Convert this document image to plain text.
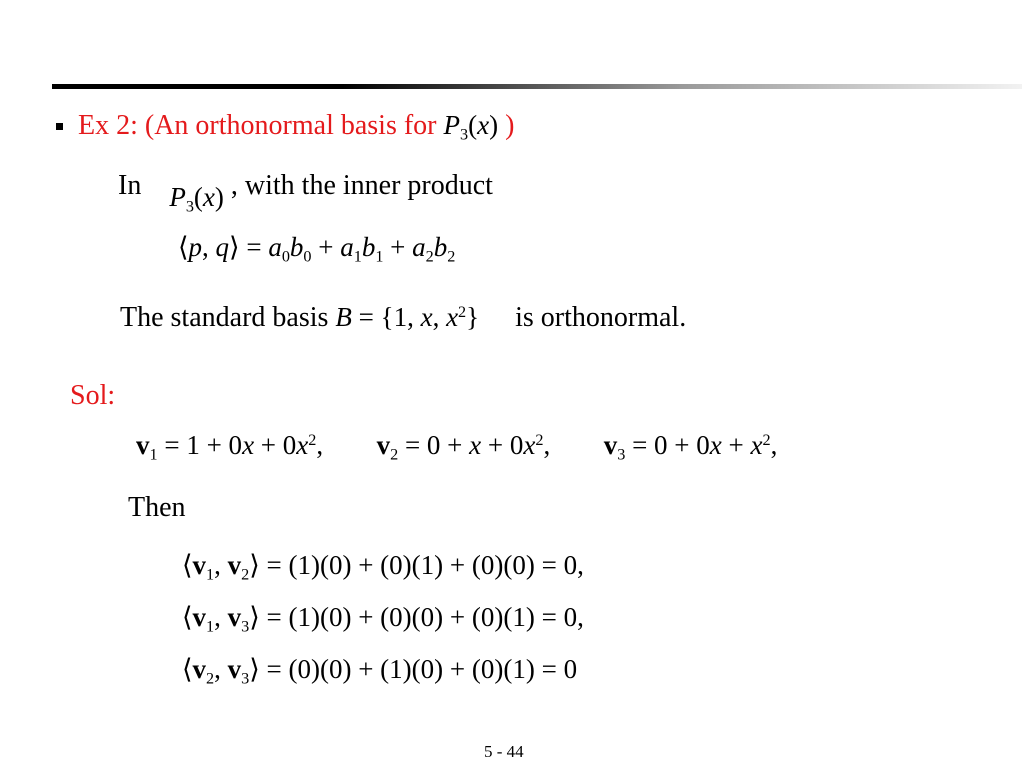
Ex 2: (An orthonormal basis for $P_3(x)$ )
In $P_3(x)$ , with the inner product
⟨p, q⟩ = $a_0b_0 + a_1b_1 + a_2b_2$
The standard basis B = {1, x, $x^2$} is orthonormal.
Sol:
$v_1 = 1 + 0x + 0x^2$, $v_2 = 0 + x + 0x^2$, $v_3 = 0 + 0x + x^2$,
Then
$⟨v_1$, $v_2⟩ = (1)(0) + (0)(1) + (0)(0) = 0$,
$⟨v_1$, $v_3⟩ = (1)(0) + (0)(0) + (0)(1) = 0$,
$⟨v_2$, $v_3⟩ = (0)(0) + (1)(0) + (0)(1) = 0$
5 - 44
